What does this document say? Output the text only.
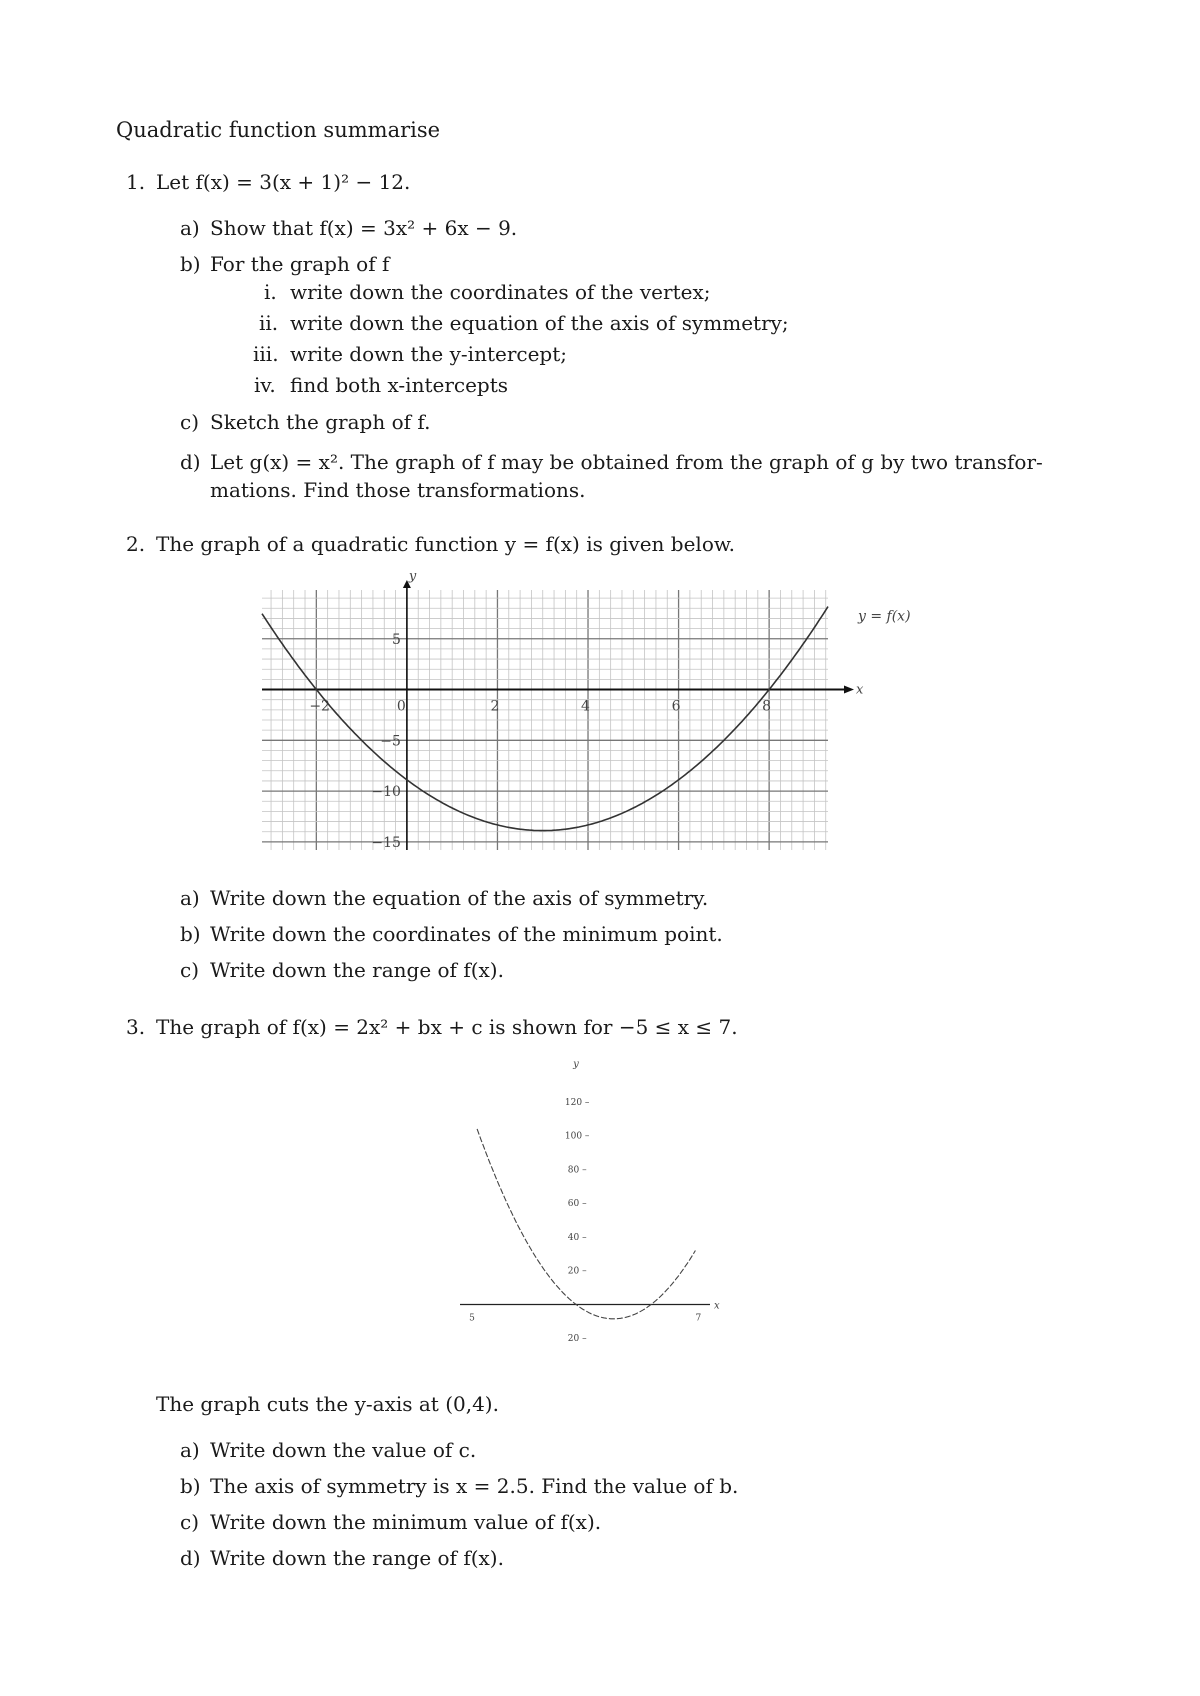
Quadratic function summarise
1. Let f(x) = 3(x + 1)² − 12.
a) Show that f(x) = 3x² + 6x − 9.
b) For the graph of f
i. write down the coordinates of the vertex;
ii. write down the equation of the axis of symmetry;
iii. write down the y-intercept;
iv. find both x-intercepts
c) Sketch the graph of f.
d) Let g(x) = x². The graph of f may be obtained from the graph of g by two transfor-
mations. Find those transformations.
2. The graph of a quadratic function y = f(x) is given below.
x
y
−2	0	2	4	6	8
5
−5
−10
−15
y = f(x)
a) Write down the equation of the axis of symmetry.
b) Write down the coordinates of the minimum point.
c) Write down the range of f(x).
3. The graph of f(x) = 2x² + bx + c is shown for −5 ≤ x ≤ 7.
x
y
5	7
120 –
100 –
80 –
60 –
40 –
20 –
20 –
The graph cuts the y-axis at (0,4).
a) Write down the value of c.
b) The axis of symmetry is x = 2.5. Find the value of b.
c) Write down the minimum value of f(x).
d) Write down the range of f(x).
